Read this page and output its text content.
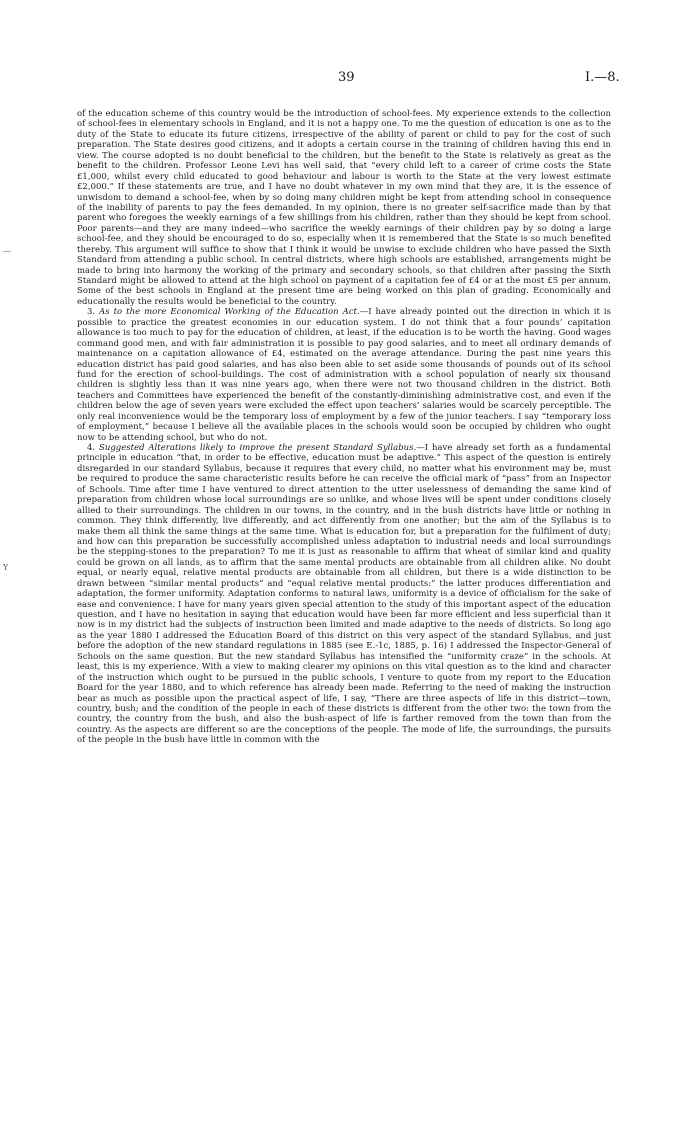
39	I.—8.
—
Y

of the education scheme of this country would be the introduction of school-fees. My experience extends to the collection of school-fees in elementary schools in England, and it is not a happy one. To me the question of education is one as to the duty of the State to educate its future citizens, irrespective of the ability of parent or child to pay for the cost of such preparation. The State desires good citizens, and it adopts a certain course in the training of children having this end in view. The course adopted is no doubt beneficial to the children, but the benefit to the State is relatively as great as the benefit to the children. Professor Leone Levi has well said, that “every child left to a career of crime costs the State £1,000, whilst every child educated to good behaviour and labour is worth to the State at the very lowest estimate £2,000.” If these statements are true, and I have no doubt whatever in my own mind that they are, it is the essence of unwisdom to demand a school-fee, when by so doing many children might be kept from attending school in consequence of the inability of parents to pay the fees demanded. In my opinion, there is no greater self-sacrifice made than by that parent who foregoes the weekly earnings of a few shillings from his children, rather than they should be kept from school. Poor parents—and they are many indeed—who sacrifice the weekly earnings of their children pay by so doing a large school-fee, and they should be encouraged to do so, especially when it is remembered that the State is so much benefited thereby. This argument will suffice to show that I think it would be unwise to exclude children who have passed the Sixth Standard from attending a public school. In central districts, where high schools are established, arrangements might be made to bring into harmony the working of the primary and secondary schools, so that children after passing the Sixth Standard might be allowed to attend at the high school on payment of a capitation fee of £4 or at the most £5 per annum. Some of the best schools in England at the present time are being worked on this plan of grading. Economically and educationally the results would be beneficial to the country.

3. As to the more Economical Working of the Education Act.—I have already pointed out the direction in which it is possible to practice the greatest economies in our education system. I do not think that a four pounds’ capitation allowance is too much to pay for the education of children, at least, if the education is to be worth the having. Good wages command good men, and with fair administration it is possible to pay good salaries, and to meet all ordinary demands of maintenance on a capitation allowance of £4, estimated on the average attendance. During the past nine years this education district has paid good salaries, and has also been able to set aside some thousands of pounds out of its school fund for the erection of school-buildings. The cost of administration with a school population of nearly six thousand children is slightly less than it was nine years ago, when there were not two thousand children in the district. Both teachers and Committees have experienced the benefit of the constantly-diminishing administrative cost, and even if the children below the age of seven years were excluded the effect upon teachers’ salaries would be scarcely perceptible. The only real inconvenience would be the temporary loss of employment by a few of the junior teachers. I say “temporary loss of employment,” because I believe all the available places in the schools would soon be occupied by children who ought now to be attending school, but who do not.

4. Suggested Alterations likely to improve the present Standard Syllabus.—I have already set forth as a fundamental principle in education “that, in order to be effective, education must be adaptive.” This aspect of the question is entirely disregarded in our standard Syllabus, because it requires that every child, no matter what his environment may be, must be required to produce the same characteristic results before he can receive the official mark of “pass” from an Inspector of Schools. Time after time I have ventured to direct attention to the utter uselessness of demanding the same kind of preparation from children whose local surroundings are so unlike, and whose lives will be spent under conditions closely allied to their surroundings. The children in our towns, in the country, and in the bush districts have little or nothing in common. They think differently, live differently, and act differently from one another; but the aim of the Syllabus is to make them all think the same things at the same time. What is education for, but a preparation for the fulfilment of duty; and how can this preparation be successfully accomplished unless adaptation to industrial needs and local surroundings be the stepping-stones to the preparation? To me it is just as reasonable to affirm that wheat of similar kind and quality could be grown on all lands, as to affirm that the same mental products are obtainable from all children alike. No doubt equal, or nearly equal, relative mental products are obtainable from all children, but there is a wide distinction to be drawn between “similar mental products” and “equal relative mental products:” the latter produces differentiation and adaptation, the former uniformity. Adaptation conforms to natural laws, uniformity is a device of officialism for the sake of ease and convenience. I have for many years given special attention to the study of this important aspect of the education question, and I have no hesitation in saying that education would have been far more efficient and less superficial than it now is in my district had the subjects of instruction been limited and made adaptive to the needs of districts. So long ago as the year 1880 I addressed the Education Board of this district on this very aspect of the standard Syllabus, and just before the adoption of the new standard regulations in 1885 (see E.-1c, 1885, p. 16) I addressed the Inspector-General of Schools on the same question. But the new standard Syllabus has intensified the “uniformity craze” in the schools. At least, this is my experience. With a view to making clearer my opinions on this vital question as to the kind and character of the instruction which ought to be pursued in the public schools, I venture to quote from my report to the Education Board for the year 1880, and to which reference has already been made. Referring to the need of making the instruction bear as much as possible upon the practical aspect of life, I say, “There are three aspects of life in this district—town, country, bush; and the condition of the people in each of these districts is different from the other two: the town from the country, the country from the bush, and also the bush-aspect of life is farther removed from the town than from the country. As the aspects are different so are the conceptions of the people. The mode of life, the surroundings, the pursuits of the people in the bush have little in common with the
